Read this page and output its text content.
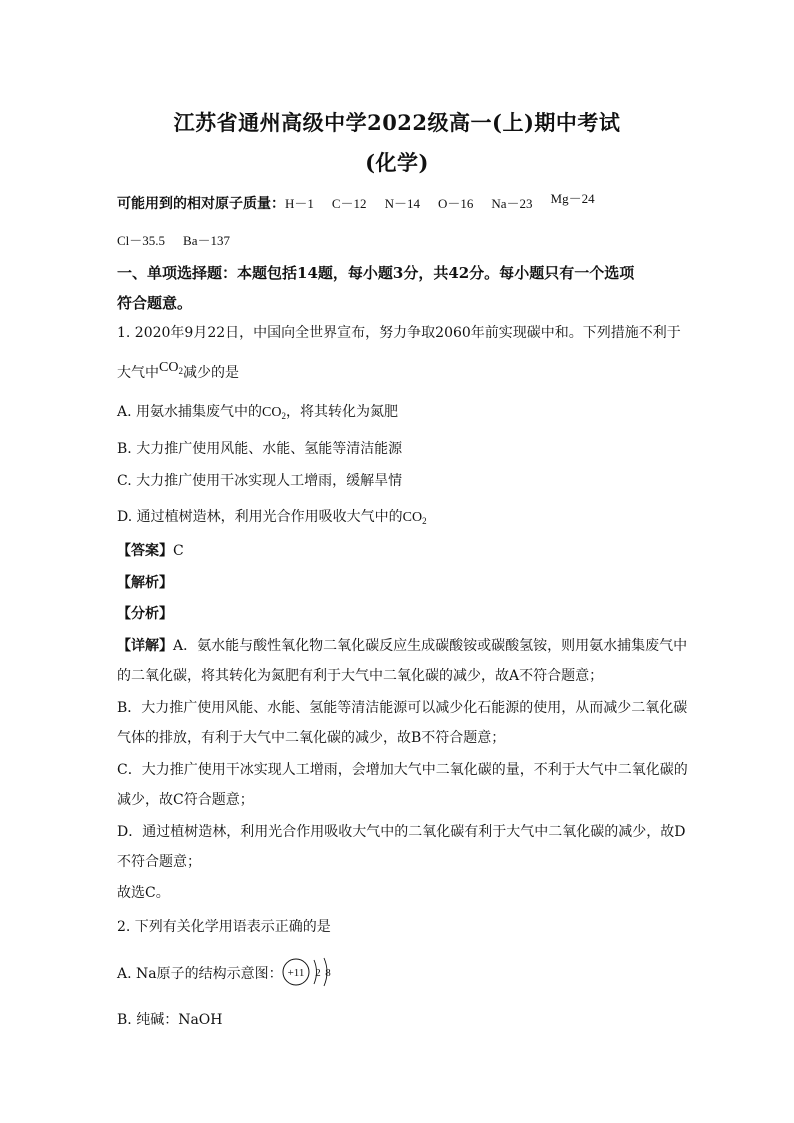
江苏省通州高级中学2022级高一(上)期中考试
(化学)
可能用到的相对原子质量：H－1 C－12 N－14 O－16 Na－23 Mg－24
Cl－35.5 Ba－137
一、单项选择题：本题包括14题，每小题3分，共42分。每小题只有一个选项
符合题意。
1. 2020年9月22日，中国向全世界宣布，努力争取2060年前实现碳中和。下列措施不利于
大气中$CO_2$减少的是
A. 用氨水捕集废气中的$CO_2$，将其转化为氮肥
B. 大力推广使用风能、水能、氢能等清洁能源
C. 大力推广使用干冰实现人工增雨，缓解旱情
D. 通过植树造林，利用光合作用吸收大气中的$CO_2$
【答案】C
【解析】
【分析】
【详解】A．氨水能与酸性氧化物二氧化碳反应生成碳酸铵或碳酸氢铵，则用氨水捕集废气中
的二氧化碳，将其转化为氮肥有利于大气中二氧化碳的减少，故A不符合题意；
B．大力推广使用风能、水能、氢能等清洁能源可以减少化石能源的使用，从而减少二氧化碳
气体的排放，有利于大气中二氧化碳的减少，故B不符合题意；
C．大力推广使用干冰实现人工增雨，会增加大气中二氧化碳的量，不利于大气中二氧化碳的
减少，故C符合题意；
D．通过植树造林，利用光合作用吸收大气中的二氧化碳有利于大气中二氧化碳的减少，故D
不符合题意；
故选C。
2. 下列有关化学用语表示正确的是
A. Na原子的结构示意图： +11 2 8
B. 纯碱：NaOH
